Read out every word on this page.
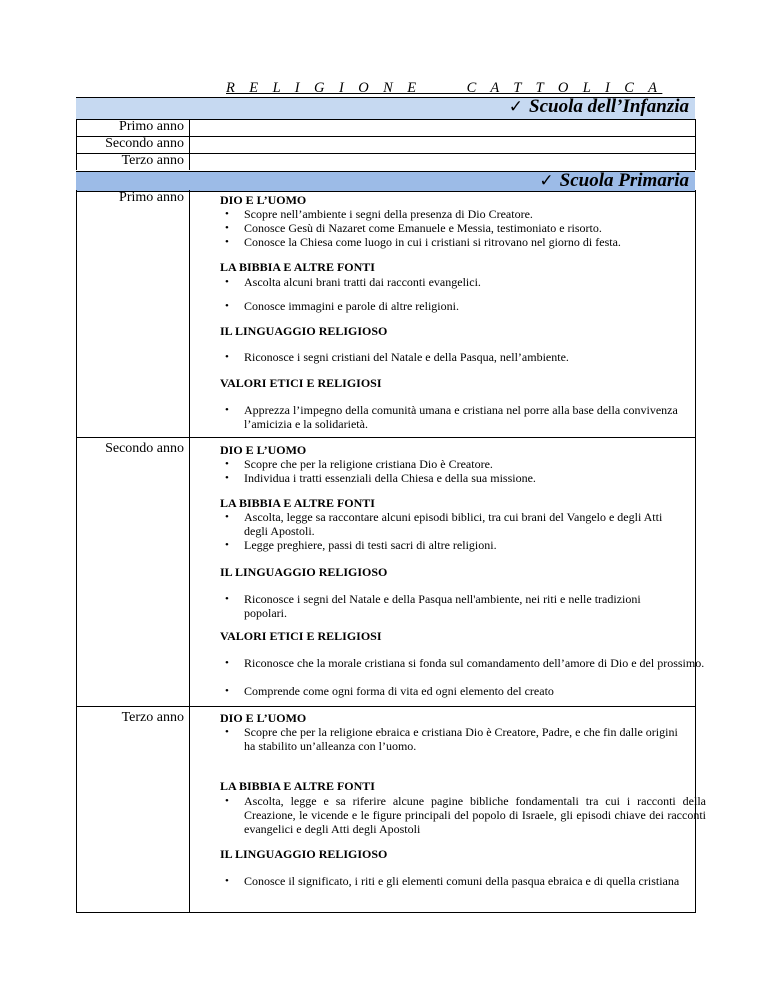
R E L I G I O N E     C A T T O L I C A
✓ Scuola dell’Infanzia
Primo anno
Secondo anno
Terzo anno
✓ Scuola Primaria
Primo anno	DIO E L’UOMO
• Scopre nell’ambiente i segni della presenza di Dio Creatore.
• Conosce Gesù di Nazaret come Emanuele e Messia, testimoniato e risorto.
• Conosce la Chiesa come luogo in cui i cristiani si ritrovano nel giorno di festa.
LA BIBBIA E ALTRE FONTI
• Ascolta alcuni brani tratti dai racconti evangelici.
• Conosce immagini e parole di altre religioni.
IL LINGUAGGIO RELIGIOSO
• Riconosce i segni cristiani del Natale e della Pasqua, nell’ambiente.
VALORI ETICI E RELIGIOSI
• Apprezza l’impegno della comunità umana e cristiana nel porre alla base della convivenza l’amicizia e la solidarietà.
Secondo anno	DIO E L’UOMO
• Scopre che per la religione cristiana Dio è Creatore.
• Individua i tratti essenziali della Chiesa e della sua missione.
LA BIBBIA E ALTRE FONTI
• Ascolta, legge sa raccontare alcuni episodi biblici, tra cui brani del Vangelo e degli Atti degli Apostoli.
• Legge preghiere, passi di testi sacri di altre religioni.
IL LINGUAGGIO RELIGIOSO
• Riconosce i segni del Natale e della Pasqua nell'ambiente, nei riti e nelle tradizioni popolari.
VALORI ETICI E RELIGIOSI
• Riconosce che la morale cristiana si fonda sul comandamento dell’amore di Dio e del prossimo.
• Comprende come ogni forma di vita ed ogni elemento del creato
Terzo anno	DIO E L’UOMO
• Scopre che per la religione ebraica e cristiana Dio è Creatore, Padre, e che fin dalle origini ha stabilito un’alleanza con l’uomo.
LA BIBBIA E ALTRE FONTI
• Ascolta, legge e sa riferire alcune pagine bibliche fondamentali tra cui i racconti della Creazione, le vicende e le figure principali del popolo di Israele, gli episodi chiave dei racconti evangelici e degli Atti degli Apostoli
IL LINGUAGGIO RELIGIOSO
• Conosce il significato, i riti e gli elementi comuni della pasqua ebraica e di quella cristiana
